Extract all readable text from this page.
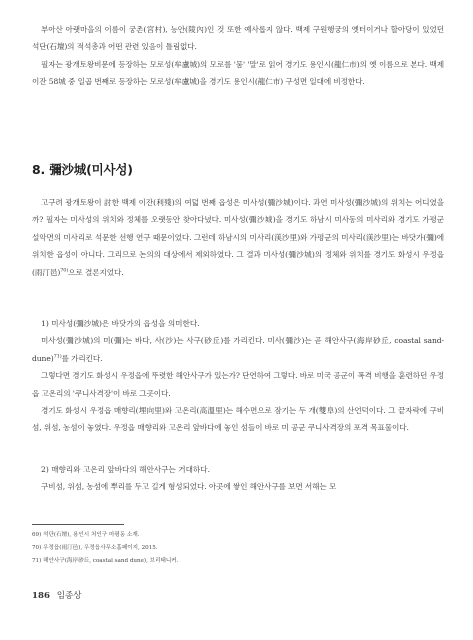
부아산 아랫마을의 이름이 궁촌(宮村), 능안(陵內)인 것 또한 예사롭지 않다. 백제 구원행궁의 옛터이거나 할아당이 있었던 석단(石壇)의 적석총과 어떤 관련 있음이 틀림없다.

필자는 광개토왕비문에 등장하는 모로성(牟盧城)의 모로를 '뭄' '말'로 읽어 경기도 용인시(龍仁市)의 옛 이름으로 본다. 백제 이잔 58城 중 일곱 번째로 등장하는 모로성(牟盧城)을 경기도 용인시(龍仁市) 구성면 일대에 비정한다.

8. 彌沙城(미사성)

고구려 광개토왕이 討한 백제 이잔(利殘)의 여덟 번째 읍성은 미사성(彌沙城)이다. 과연 미사성(彌沙城)의 위치는 어디였을까? 필자는 미사성의 위치와 정체를 오랫동안 찾아다녔다. 미사성(彌沙城)을 경기도 하남시 미사동의 미사리와 경기도 가평군 설악면의 미사리로 석문한 선행 연구 때문이었다. 그런데 하남시의 미사리(渼沙里)와 가평군의 미사리(渼沙里)는 바닷가(彌)에 위치한 읍성이 아니다. 그리므로 논의의 대상에서 제외하였다. 그 결과 미사성(彌沙城)의 정체와 위치를 경기도 화성시 우정읍(雨汀邑)$^{70)}$으로 결론지었다.

1) 미사성(彌沙城)은 바닷가의 읍성을 의미한다.

미사성(彌沙城)의 미(彌)는 바다, 사(沙)는 사구(砂丘)를 가리킨다. 미사(彌沙)는 곧 해안사구(海岸砂丘, coastal sand-dune)$^{71)}$를 가리킨다.

그렇다면 경기도 화성시 우정읍에 뚜렷한 해안사구가 있는가? 단연하여 그렇다. 바로 미국 공군이 폭격 비행을 훈련하던 우정읍 고온리의 '쿠니사격장'이 바로 그곳이다.

경기도 화성시 우정읍 매향리(埋向里)와 고온리(高溫里)는 해수면으로 잠기는 두 개(雙阜)의 산언덕이다. 그 끝자락에 구비섬, 위섬, 농섬이 놓였다. 우정읍 매향리와 고온리 앞바다에 놓인 섬들이 바로 미 공군 쿠니사격장의 포격 목표물이다.

2) 매향리와 고온리 앞바다의 해안사구는 거대하다.

구비섬, 위섬, 농섬에 뿌리를 두고 길게 형성되었다. 아곳에 쌓인 해안사구를 보면 서해는 모

69) 석단(石壇), 용인시 처인구 마평동 소재.
70) 우정읍(雨汀邑), 우정읍사무소홈페이지, 2015.
71) 해안사구(海岸砂丘, coastal sand dune), 브리태니커.
186 임종상
